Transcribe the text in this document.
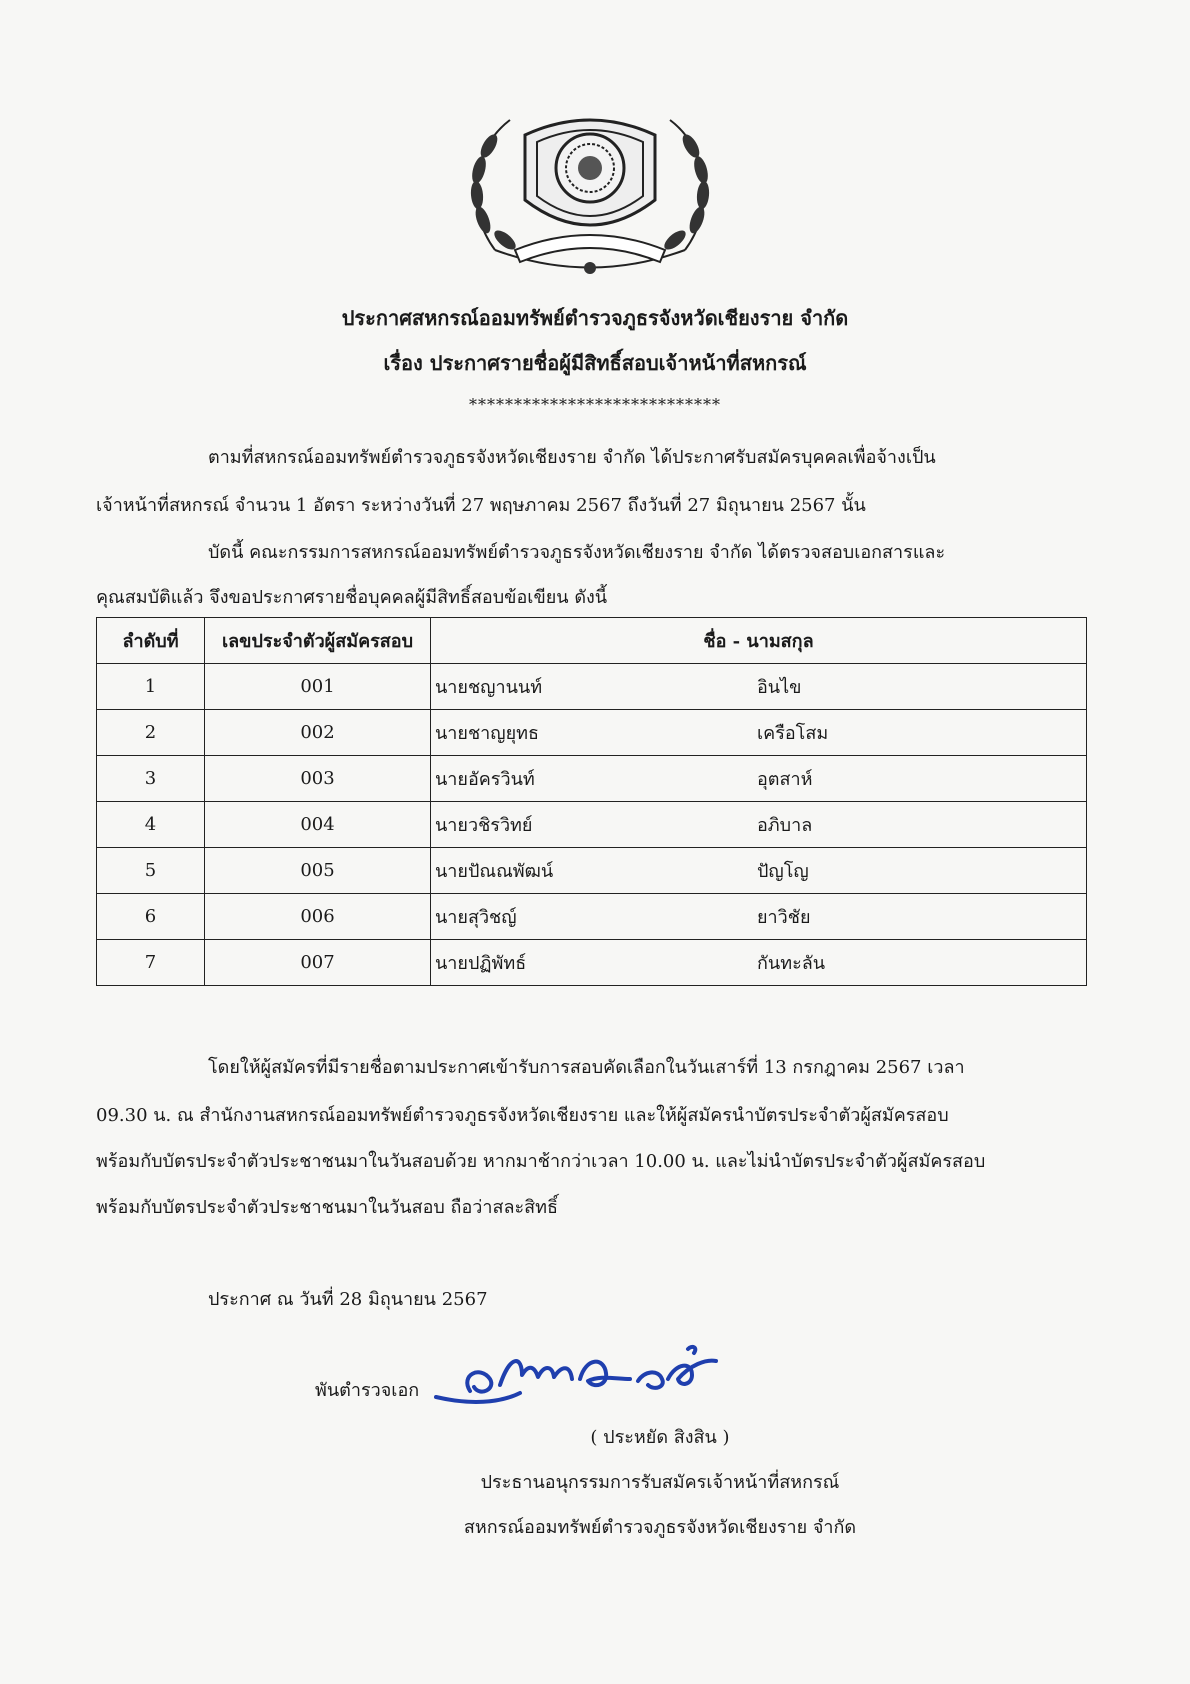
ประกาศสหกรณ์ออมทรัพย์ตำรวจภูธรจังหวัดเชียงราย จำกัด
เรื่อง ประกาศรายชื่อผู้มีสิทธิ์สอบเจ้าหน้าที่สหกรณ์
****************************
ตามที่สหกรณ์ออมทรัพย์ตำรวจภูธรจังหวัดเชียงราย จำกัด ได้ประกาศรับสมัครบุคคลเพื่อจ้างเป็น
เจ้าหน้าที่สหกรณ์ จำนวน 1 อัตรา ระหว่างวันที่ 27 พฤษภาคม 2567 ถึงวันที่ 27 มิถุนายน 2567 นั้น
บัดนี้ คณะกรรมการสหกรณ์ออมทรัพย์ตำรวจภูธรจังหวัดเชียงราย จำกัด ได้ตรวจสอบเอกสารและ
คุณสมบัติแล้ว จึงขอประกาศรายชื่อบุคคลผู้มีสิทธิ์สอบข้อเขียน ดังนี้
ลำดับที่	เลขประจำตัวผู้สมัครสอบ	ชื่อ - นามสกุล
1	001	นายชญานนท์ อินไข
2	002	นายชาญยุทธ เครือโสม
3	003	นายอัครวินท์ อุตสาห์
4	004	นายวชิรวิทย์ อภิบาล
5	005	นายปัณณพัฒน์ ปัญโญ
6	006	นายสุวิชญ์ ยาวิชัย
7	007	นายปฏิพัทธ์ กันทะลัน
โดยให้ผู้สมัครที่มีรายชื่อตามประกาศเข้ารับการสอบคัดเลือกในวันเสาร์ที่ 13 กรกฎาคม 2567 เวลา
09.30 น. ณ สำนักงานสหกรณ์ออมทรัพย์ตำรวจภูธรจังหวัดเชียงราย และให้ผู้สมัครนำบัตรประจำตัวผู้สมัครสอบ
พร้อมกับบัตรประจำตัวประชาชนมาในวันสอบด้วย หากมาช้ากว่าเวลา 10.00 น. และไม่นำบัตรประจำตัวผู้สมัครสอบ
พร้อมกับบัตรประจำตัวประชาชนมาในวันสอบ ถือว่าสละสิทธิ์
ประกาศ ณ วันที่ 28 มิถุนายน 2567
พันตำรวจเอก
( ประหยัด สิงสิน )
ประธานอนุกรรมการรับสมัครเจ้าหน้าที่สหกรณ์
สหกรณ์ออมทรัพย์ตำรวจภูธรจังหวัดเชียงราย จำกัด
